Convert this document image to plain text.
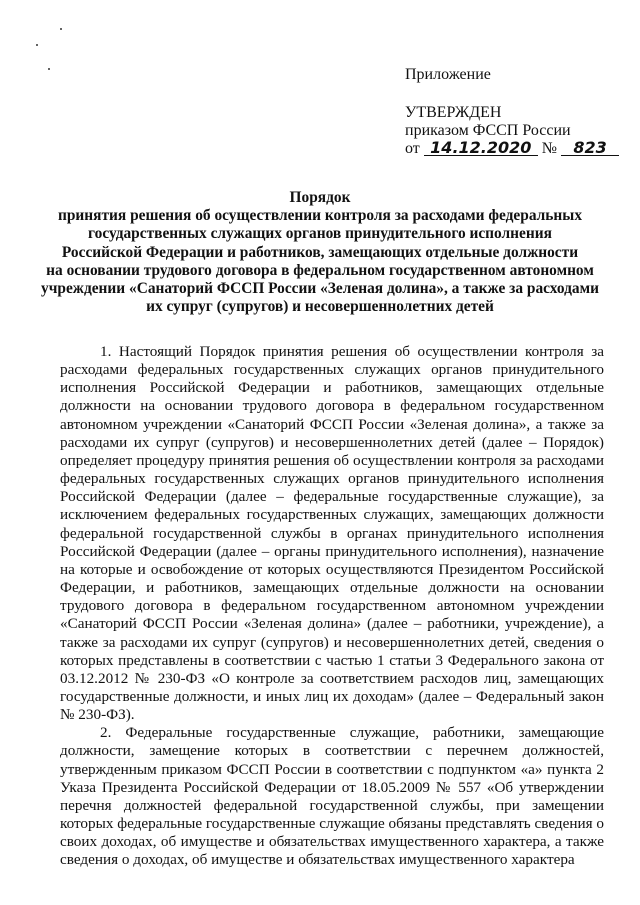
Приложение
УТВЕРЖДЕН
приказом ФССП России
от 14.12.2020 № 823
Порядок
принятия решения об осуществлении контроля за расходами федеральных
государственных служащих органов принудительного исполнения
Российской Федерации и работников, замещающих отдельные должности
на основании трудового договора в федеральном государственном автономном
учреждении «Санаторий ФССП России «Зеленая долина», а также за расходами
их супруг (супругов) и несовершеннолетних детей

1. Настоящий Порядок принятия решения об осуществлении контроля за расходами федеральных государственных служащих органов принудительного исполнения Российской Федерации и работников, замещающих отдельные должности на основании трудового договора в федеральном государственном автономном учреждении «Санаторий ФССП России «Зеленая долина», а также за расходами их супруг (супругов) и несовершеннолетних детей (далее – Порядок) определяет процедуру принятия решения об осуществлении контроля за расходами федеральных государственных служащих органов принудительного исполнения Российской Федерации (далее – федеральные государственные служащие), за исключением федеральных государственных служащих, замещающих должности федеральной государственной службы в органах принудительного исполнения Российской Федерации (далее – органы принудительного исполнения), назначение на которые и освобождение от которых осуществляются Президентом Российской Федерации, и работников, замещающих отдельные должности на основании трудового договора в федеральном государственном автономном учреждении «Санаторий ФССП России «Зеленая долина» (далее – работники, учреждение), а также за расходами их супруг (супругов) и несовершеннолетних детей, сведения о которых представлены в соответствии с частью 1 статьи 3 Федерального закона от 03.12.2012 № 230-ФЗ «О контроле за соответствием расходов лиц, замещающих государственные должности, и иных лиц их доходам» (далее – Федеральный закон № 230-ФЗ).

2. Федеральные государственные служащие, работники, замещающие должности, замещение которых в соответствии с перечнем должностей, утвержденным приказом ФССП России в соответствии с подпунктом «а» пункта 2 Указа Президента Российской Федерации от 18.05.2009 № 557 «Об утверждении перечня должностей федеральной государственной службы, при замещении которых федеральные государственные служащие обязаны представлять сведения о своих доходах, об имуществе и обязательствах имущественного характера, а также сведения о доходах, об имуществе и обязательствах имущественного характера
